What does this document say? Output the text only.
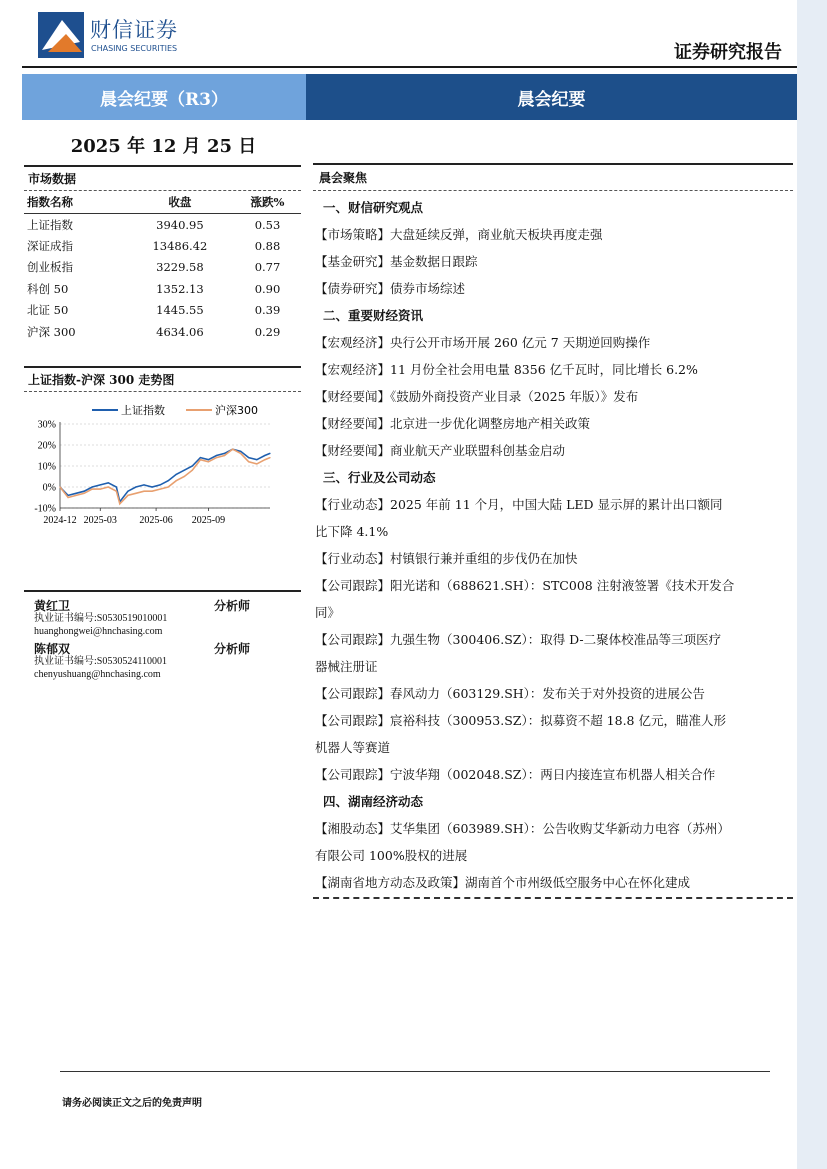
财信证券
CHASING SECURITIES	证券研究报告
晨会纪要（R3）	晨会纪要
2025 年 12 月 25 日
市场数据
指数名称	收盘	涨跌%
上证指数	3940.95	0.53
深证成指	13486.42	0.88
创业板指	3229.58	0.77
科创 50	1352.13	0.90
北证 50	1445.55	0.39
沪深 300	4634.06	0.29
上证指数-沪深 300 走势图
30%
20%
10%
0%
-10%
2024-12 2025-03 2025-06 2025-09
上证指数	沪深300
黄红卫	分析师
执业证书编号:S0530519010001
huanghongwei@hnchasing.com
陈郁双	分析师
执业证书编号:S0530524110001
chenyushuang@hnchasing.com
晨会聚焦
一、财信研究观点
【市场策略】大盘延续反弹，商业航天板块再度走强
【基金研究】基金数据日跟踪
【债券研究】债券市场综述
二、重要财经资讯
【宏观经济】央行公开市场开展 260 亿元 7 天期逆回购操作
【宏观经济】11 月份全社会用电量 8356 亿千瓦时，同比增长 6.2%
【财经要闻】《鼓励外商投资产业目录（2025 年版）》发布
【财经要闻】北京进一步优化调整房地产相关政策
【财经要闻】商业航天产业联盟科创基金启动
三、行业及公司动态
【行业动态】2025 年前 11 个月，中国大陆 LED 显示屏的累计出口额同
比下降 4.1%
【行业动态】村镇银行兼并重组的步伐仍在加快
【公司跟踪】阳光诺和（688621.SH）：STC008 注射液签署《技术开发合
同》
【公司跟踪】九强生物（300406.SZ）：取得 D-二聚体校准品等三项医疗
器械注册证
【公司跟踪】春风动力（603129.SH）：发布关于对外投资的进展公告
【公司跟踪】宸裕科技（300953.SZ）：拟募资不超 18.8 亿元，瞄准人形
机器人等赛道
【公司跟踪】宁波华翔（002048.SZ）：两日内接连宣布机器人相关合作
四、湖南经济动态
【湘股动态】艾华集团（603989.SH）：公告收购艾华新动力电容（苏州）
有限公司 100%股权的进展
【湖南省地方动态及政策】湖南首个市州级低空服务中心在怀化建成
请务必阅读正文之后的免责声明
